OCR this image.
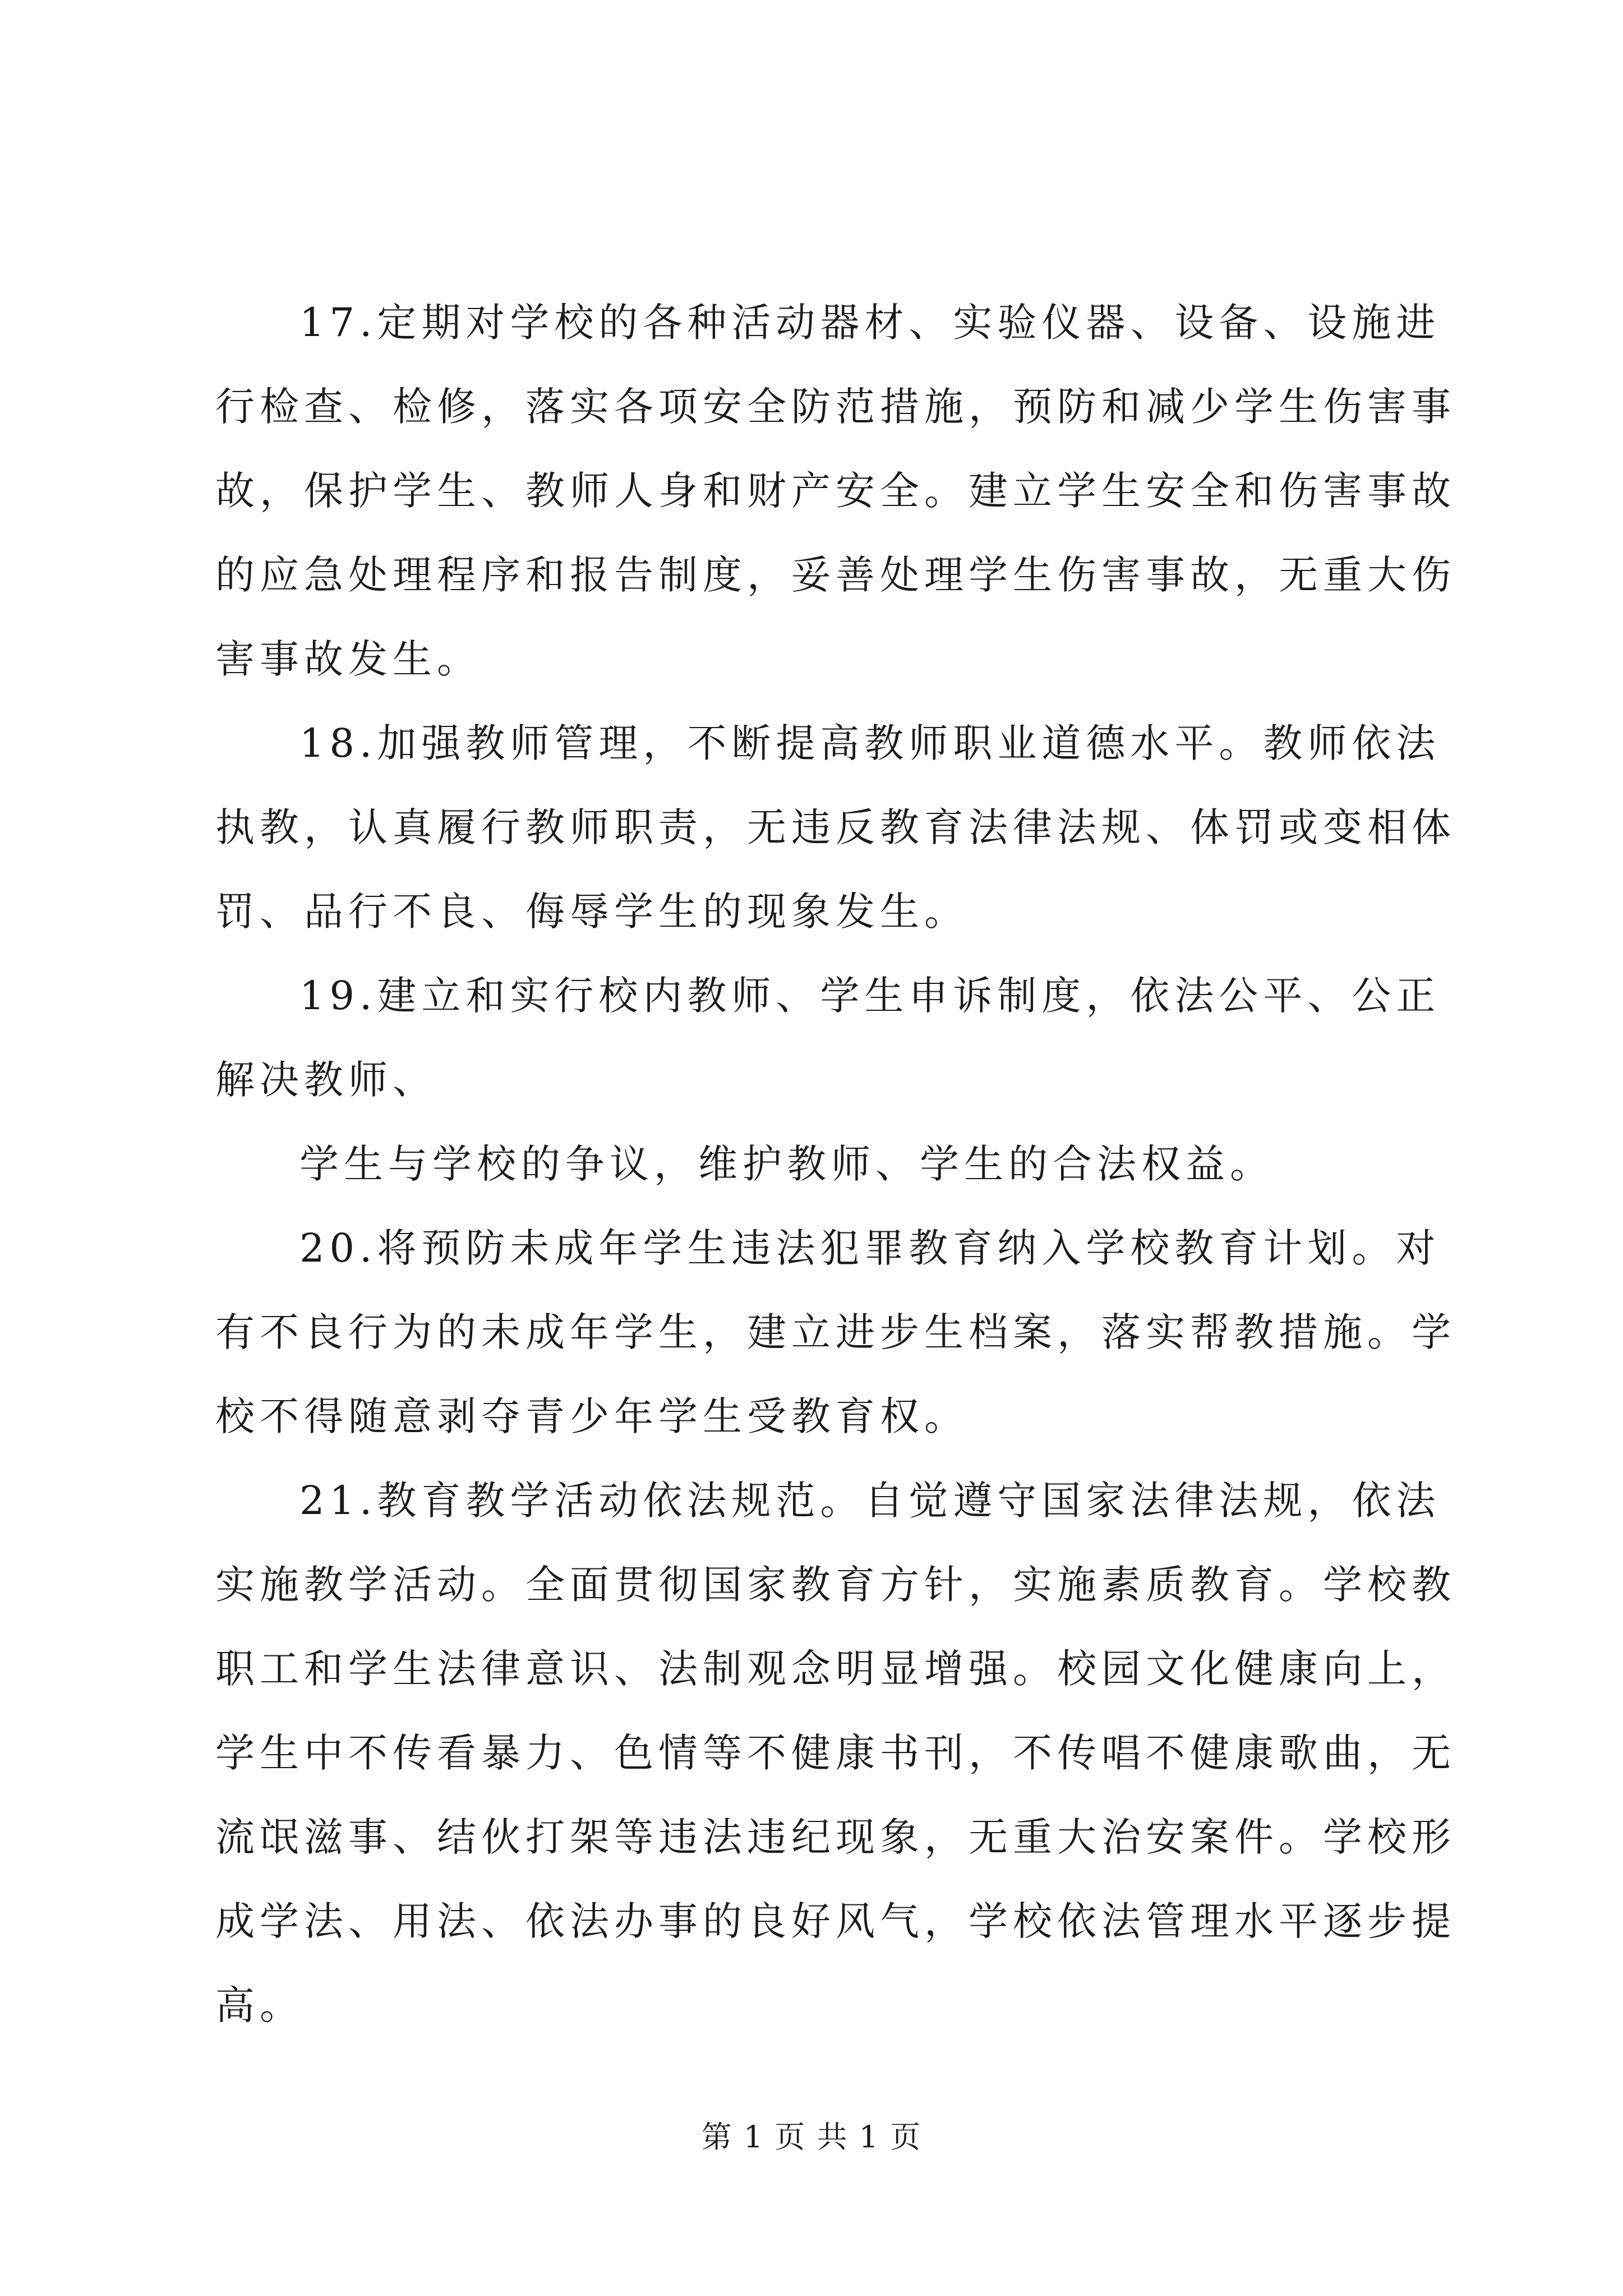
17.定期对学校的各种活动器材、实验仪器、设备、设施进
行检查、检修，落实各项安全防范措施，预防和减少学生伤害事
故，保护学生、教师人身和财产安全。建立学生安全和伤害事故
的应急处理程序和报告制度，妥善处理学生伤害事故，无重大伤
害事故发生。
18.加强教师管理，不断提高教师职业道德水平。教师依法
执教，认真履行教师职责，无违反教育法律法规、体罚或变相体
罚、品行不良、侮辱学生的现象发生。
19.建立和实行校内教师、学生申诉制度，依法公平、公正
解决教师、
学生与学校的争议，维护教师、学生的合法权益。
20.将预防未成年学生违法犯罪教育纳入学校教育计划。对
有不良行为的未成年学生，建立进步生档案，落实帮教措施。学
校不得随意剥夺青少年学生受教育权。
21.教育教学活动依法规范。自觉遵守国家法律法规，依法
实施教学活动。全面贯彻国家教育方针，实施素质教育。学校教
职工和学生法律意识、法制观念明显增强。校园文化健康向上，
学生中不传看暴力、色情等不健康书刊，不传唱不健康歌曲，无
流氓滋事、结伙打架等违法违纪现象，无重大治安案件。学校形
成学法、用法、依法办事的良好风气，学校依法管理水平逐步提
高。
第 1 页 共 1 页
